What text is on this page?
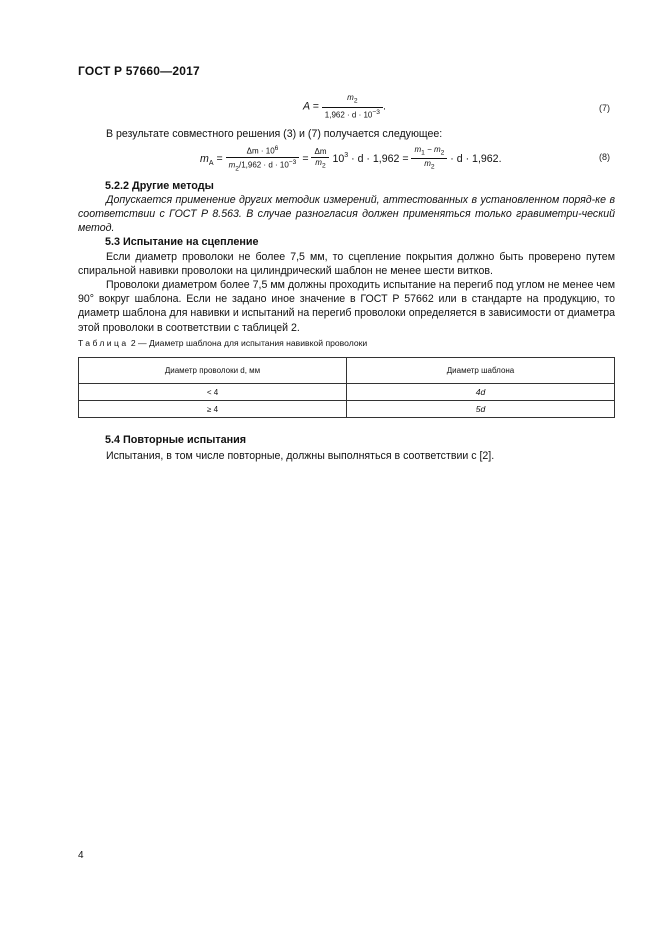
ГОСТ Р 57660—2017
$A = \frac{m_2}{1,962 \cdot d \cdot 10^{-3}}$ .	(7)
В результате совместного решения (3) и (7) получается следующее:
$m_A = \frac{\Delta m \cdot 10^6}{m_2/1,962 \cdot d \cdot 10^{-3}} = \frac{\Delta m}{m_2} 10^3 \cdot d \cdot 1,962 = \frac{m_1 - m_2}{m_2} \cdot d \cdot 1,962$.	(8)
5.2.2 Другие методы
Допускается применение других методик измерений, аттестованных в установленном поряд-ке в соответствии с ГОСТ Р 8.563. В случае разногласия должен применяться только гравиметри-ческий метод.
5.3 Испытание на сцепление
Если диаметр проволоки не более 7,5 мм, то сцепление покрытия должно быть проверено путем спиральной навивки проволоки на цилиндрический шаблон не менее шести витков.
Проволоки диаметром более 7,5 мм должны проходить испытание на перегиб под углом не менее чем 90° вокруг шаблона. Если не задано иное значение в ГОСТ Р 57662 или в стандарте на продукцию, то диаметр шаблона для навивки и испытаний на перегиб проволоки определяется в зависимости от диаметра этой проволоки в соответствии с таблицей 2.
Таблица 2 — Диаметр шаблона для испытания навивкой проволоки
Диаметр проволоки d, мм	Диаметр шаблона
< 4	4d
≥ 4	5d
5.4 Повторные испытания
Испытания, в том числе повторные, должны выполняться в соответствии с [2].
4
